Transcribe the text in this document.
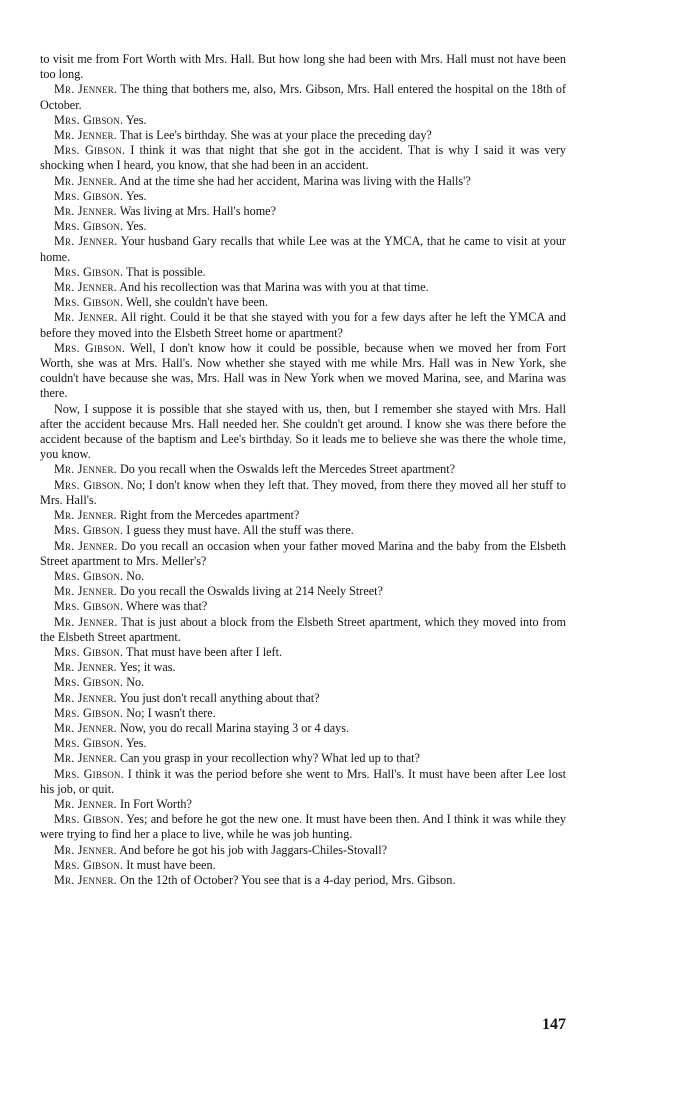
to visit me from Fort Worth with Mrs. Hall. But how long she had been with Mrs. Hall must not have been too long.

Mr. Jenner. The thing that bothers me, also, Mrs. Gibson, Mrs. Hall entered the hospital on the 18th of October.

Mrs. Gibson. Yes.

Mr. Jenner. That is Lee's birthday. She was at your place the preceding day?

Mrs. Gibson. I think it was that night that she got in the accident. That is why I said it was very shocking when I heard, you know, that she had been in an accident.

Mr. Jenner. And at the time she had her accident, Marina was living with the Halls'?

Mrs. Gibson. Yes.

Mr. Jenner. Was living at Mrs. Hall's home?

Mrs. Gibson. Yes.

Mr. Jenner. Your husband Gary recalls that while Lee was at the YMCA, that he came to visit at your home.

Mrs. Gibson. That is possible.

Mr. Jenner. And his recollection was that Marina was with you at that time.

Mrs. Gibson. Well, she couldn't have been.

Mr. Jenner. All right. Could it be that she stayed with you for a few days after he left the YMCA and before they moved into the Elsbeth Street home or apartment?

Mrs. Gibson. Well, I don't know how it could be possible, because when we moved her from Fort Worth, she was at Mrs. Hall's. Now whether she stayed with me while Mrs. Hall was in New York, she couldn't have because she was, Mrs. Hall was in New York when we moved Marina, see, and Marina was there.

Now, I suppose it is possible that she stayed with us, then, but I remember she stayed with Mrs. Hall after the accident because Mrs. Hall needed her. She couldn't get around. I know she was there before the accident because of the baptism and Lee's birthday. So it leads me to believe she was there the whole time, you know.

Mr. Jenner. Do you recall when the Oswalds left the Mercedes Street apartment?

Mrs. Gibson. No; I don't know when they left that. They moved, from there they moved all her stuff to Mrs. Hall's.

Mr. Jenner. Right from the Mercedes apartment?

Mrs. Gibson. I guess they must have. All the stuff was there.

Mr. Jenner. Do you recall an occasion when your father moved Marina and the baby from the Elsbeth Street apartment to Mrs. Meller's?

Mrs. Gibson. No.

Mr. Jenner. Do you recall the Oswalds living at 214 Neely Street?

Mrs. Gibson. Where was that?

Mr. Jenner. That is just about a block from the Elsbeth Street apartment, which they moved into from the Elsbeth Street apartment.

Mrs. Gibson. That must have been after I left.

Mr. Jenner. Yes; it was.

Mrs. Gibson. No.

Mr. Jenner. You just don't recall anything about that?

Mrs. Gibson. No; I wasn't there.

Mr. Jenner. Now, you do recall Marina staying 3 or 4 days.

Mrs. Gibson. Yes.

Mr. Jenner. Can you grasp in your recollection why? What led up to that?

Mrs. Gibson. I think it was the period before she went to Mrs. Hall's. It must have been after Lee lost his job, or quit.

Mr. Jenner. In Fort Worth?

Mrs. Gibson. Yes; and before he got the new one. It must have been then. And I think it was while they were trying to find her a place to live, while he was job hunting.

Mr. Jenner. And before he got his job with Jaggars-Chiles-Stovall?

Mrs. Gibson. It must have been.

Mr. Jenner. On the 12th of October? You see that is a 4-day period, Mrs. Gibson.

147
